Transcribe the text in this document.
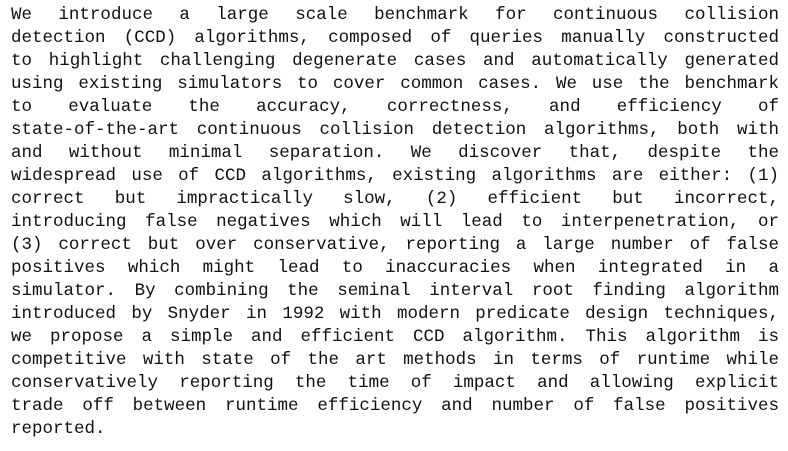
We introduce a large scale benchmark for continuous collision
detection (CCD) algorithms, composed of queries manually constructed
to highlight challenging degenerate cases and automatically generated
using existing simulators to cover common cases. We use the benchmark
to evaluate the accuracy, correctness, and efficiency of
state-of-the-art continuous collision detection algorithms, both with
and without minimal separation. We discover that, despite the
widespread use of CCD algorithms, existing algorithms are either: (1)
correct but impractically slow, (2) efficient but incorrect,
introducing false negatives which will lead to interpenetration, or
(3) correct but over conservative, reporting a large number of false
positives which might lead to inaccuracies when integrated in a
simulator. By combining the seminal interval root finding algorithm
introduced by Snyder in 1992 with modern predicate design techniques,
we propose a simple and efficient CCD algorithm. This algorithm is
competitive with state of the art methods in terms of runtime while
conservatively reporting the time of impact and allowing explicit
trade off between runtime efficiency and number of false positives
reported.
